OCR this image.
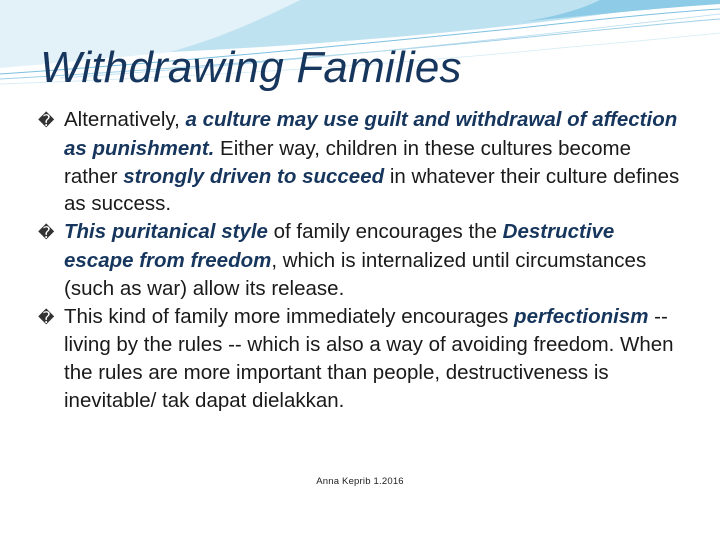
Withdrawing Families

� Alternatively, a culture may use guilt and withdrawal of affection as punishment. Either way, children in these cultures become rather strongly driven to succeed in whatever their culture defines as success.

� This puritanical style of family encourages the Destructive escape from freedom, which is internalized until circumstances (such as war) allow its release.

� This kind of family more immediately encourages perfectionism -- living by the rules -- which is also a way of avoiding freedom. When the rules are more important than people, destructiveness is inevitable/ tak dapat dielakkan.

Anna Keprib 1.2016
